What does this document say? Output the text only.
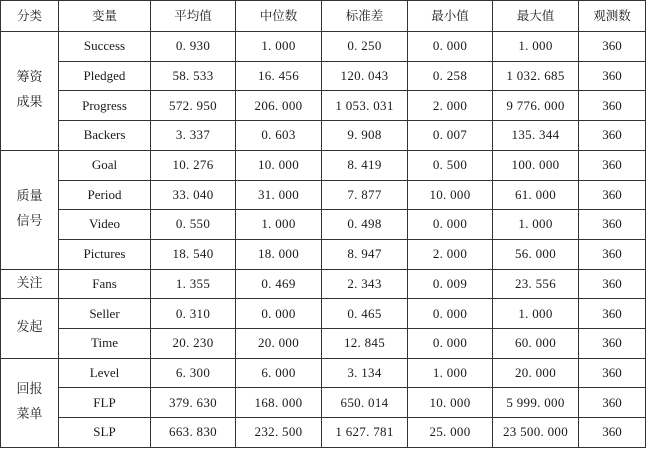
分类	变量	平均值	中位数	标准差	最小值	最大值	观测数

筹资
成果	Success	0. 930	1. 000	0. 250	0. 000	1. 000	360
	Pledged	58. 533	16. 456	120. 043	0. 258	1 032. 685	360
	Progress	572. 950	206. 000	1 053. 031	2. 000	9 776. 000	360
	Backers	3. 337	0. 603	9. 908	0. 007	135. 344	360

质量
信号	Goal	10. 276	10. 000	8. 419	0. 500	100. 000	360
	Period	33. 040	31. 000	7. 877	10. 000	61. 000	360
	Video	0. 550	1. 000	0. 498	0. 000	1. 000	360
	Pictures	18. 540	18. 000	8. 947	2. 000	56. 000	360

关注	Fans	1. 355	0. 469	2. 343	0. 009	23. 556	360

发起	Seller	0. 310	0. 000	0. 465	0. 000	1. 000	360
	Time	20. 230	20. 000	12. 845	0. 000	60. 000	360

回报
菜单	Level	6. 300	6. 000	3. 134	1. 000	20. 000	360
	FLP	379. 630	168. 000	650. 014	10. 000	5 999. 000	360
	SLP	663. 830	232. 500	1 627. 781	25. 000	23 500. 000	360
